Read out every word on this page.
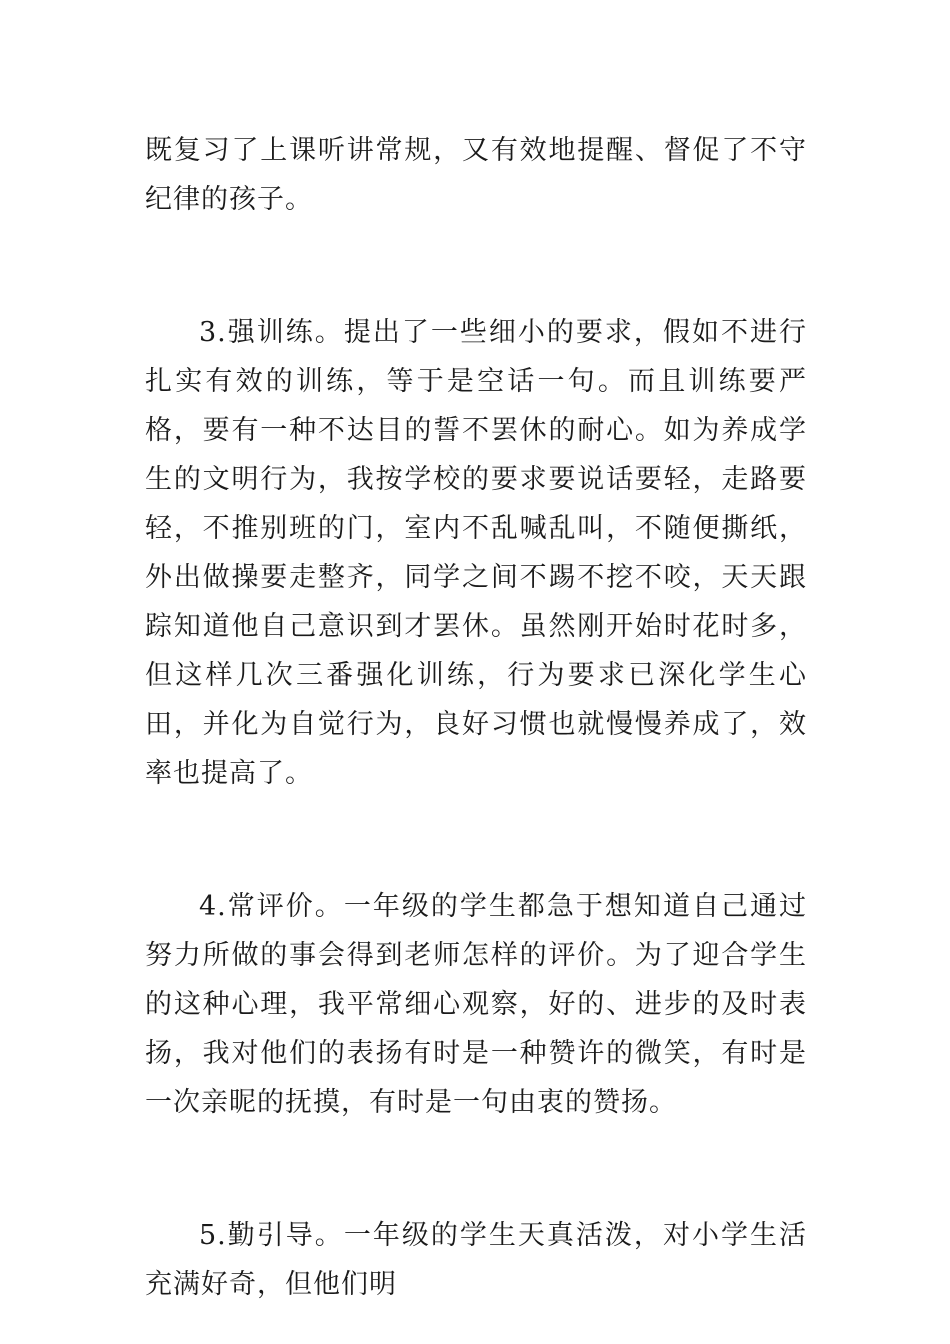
既复习了上课听讲常规，又有效地提醒、督促了不守纪律的孩子。

3.强训练。提出了一些细小的要求，假如不进行扎实有效的训练，等于是空话一句。而且训练要严格，要有一种不达目的誓不罢休的耐心。如为养成学生的文明行为，我按学校的要求要说话要轻，走路要轻，不推别班的门，室内不乱喊乱叫，不随便撕纸，外出做操要走整齐，同学之间不踢不挖不咬，天天跟踪知道他自己意识到才罢休。虽然刚开始时花时多，但这样几次三番强化训练，行为要求已深化学生心田，并化为自觉行为，良好习惯也就慢慢养成了，效率也提高了。

4.常评价。一年级的学生都急于想知道自己通过努力所做的事会得到老师怎样的评价。为了迎合学生的这种心理，我平常细心观察，好的、进步的及时表扬，我对他们的表扬有时是一种赞许的微笑，有时是一次亲昵的抚摸，有时是一句由衷的赞扬。

5.勤引导。一年级的学生天真活泼，对小学生活充满好奇，但他们明
